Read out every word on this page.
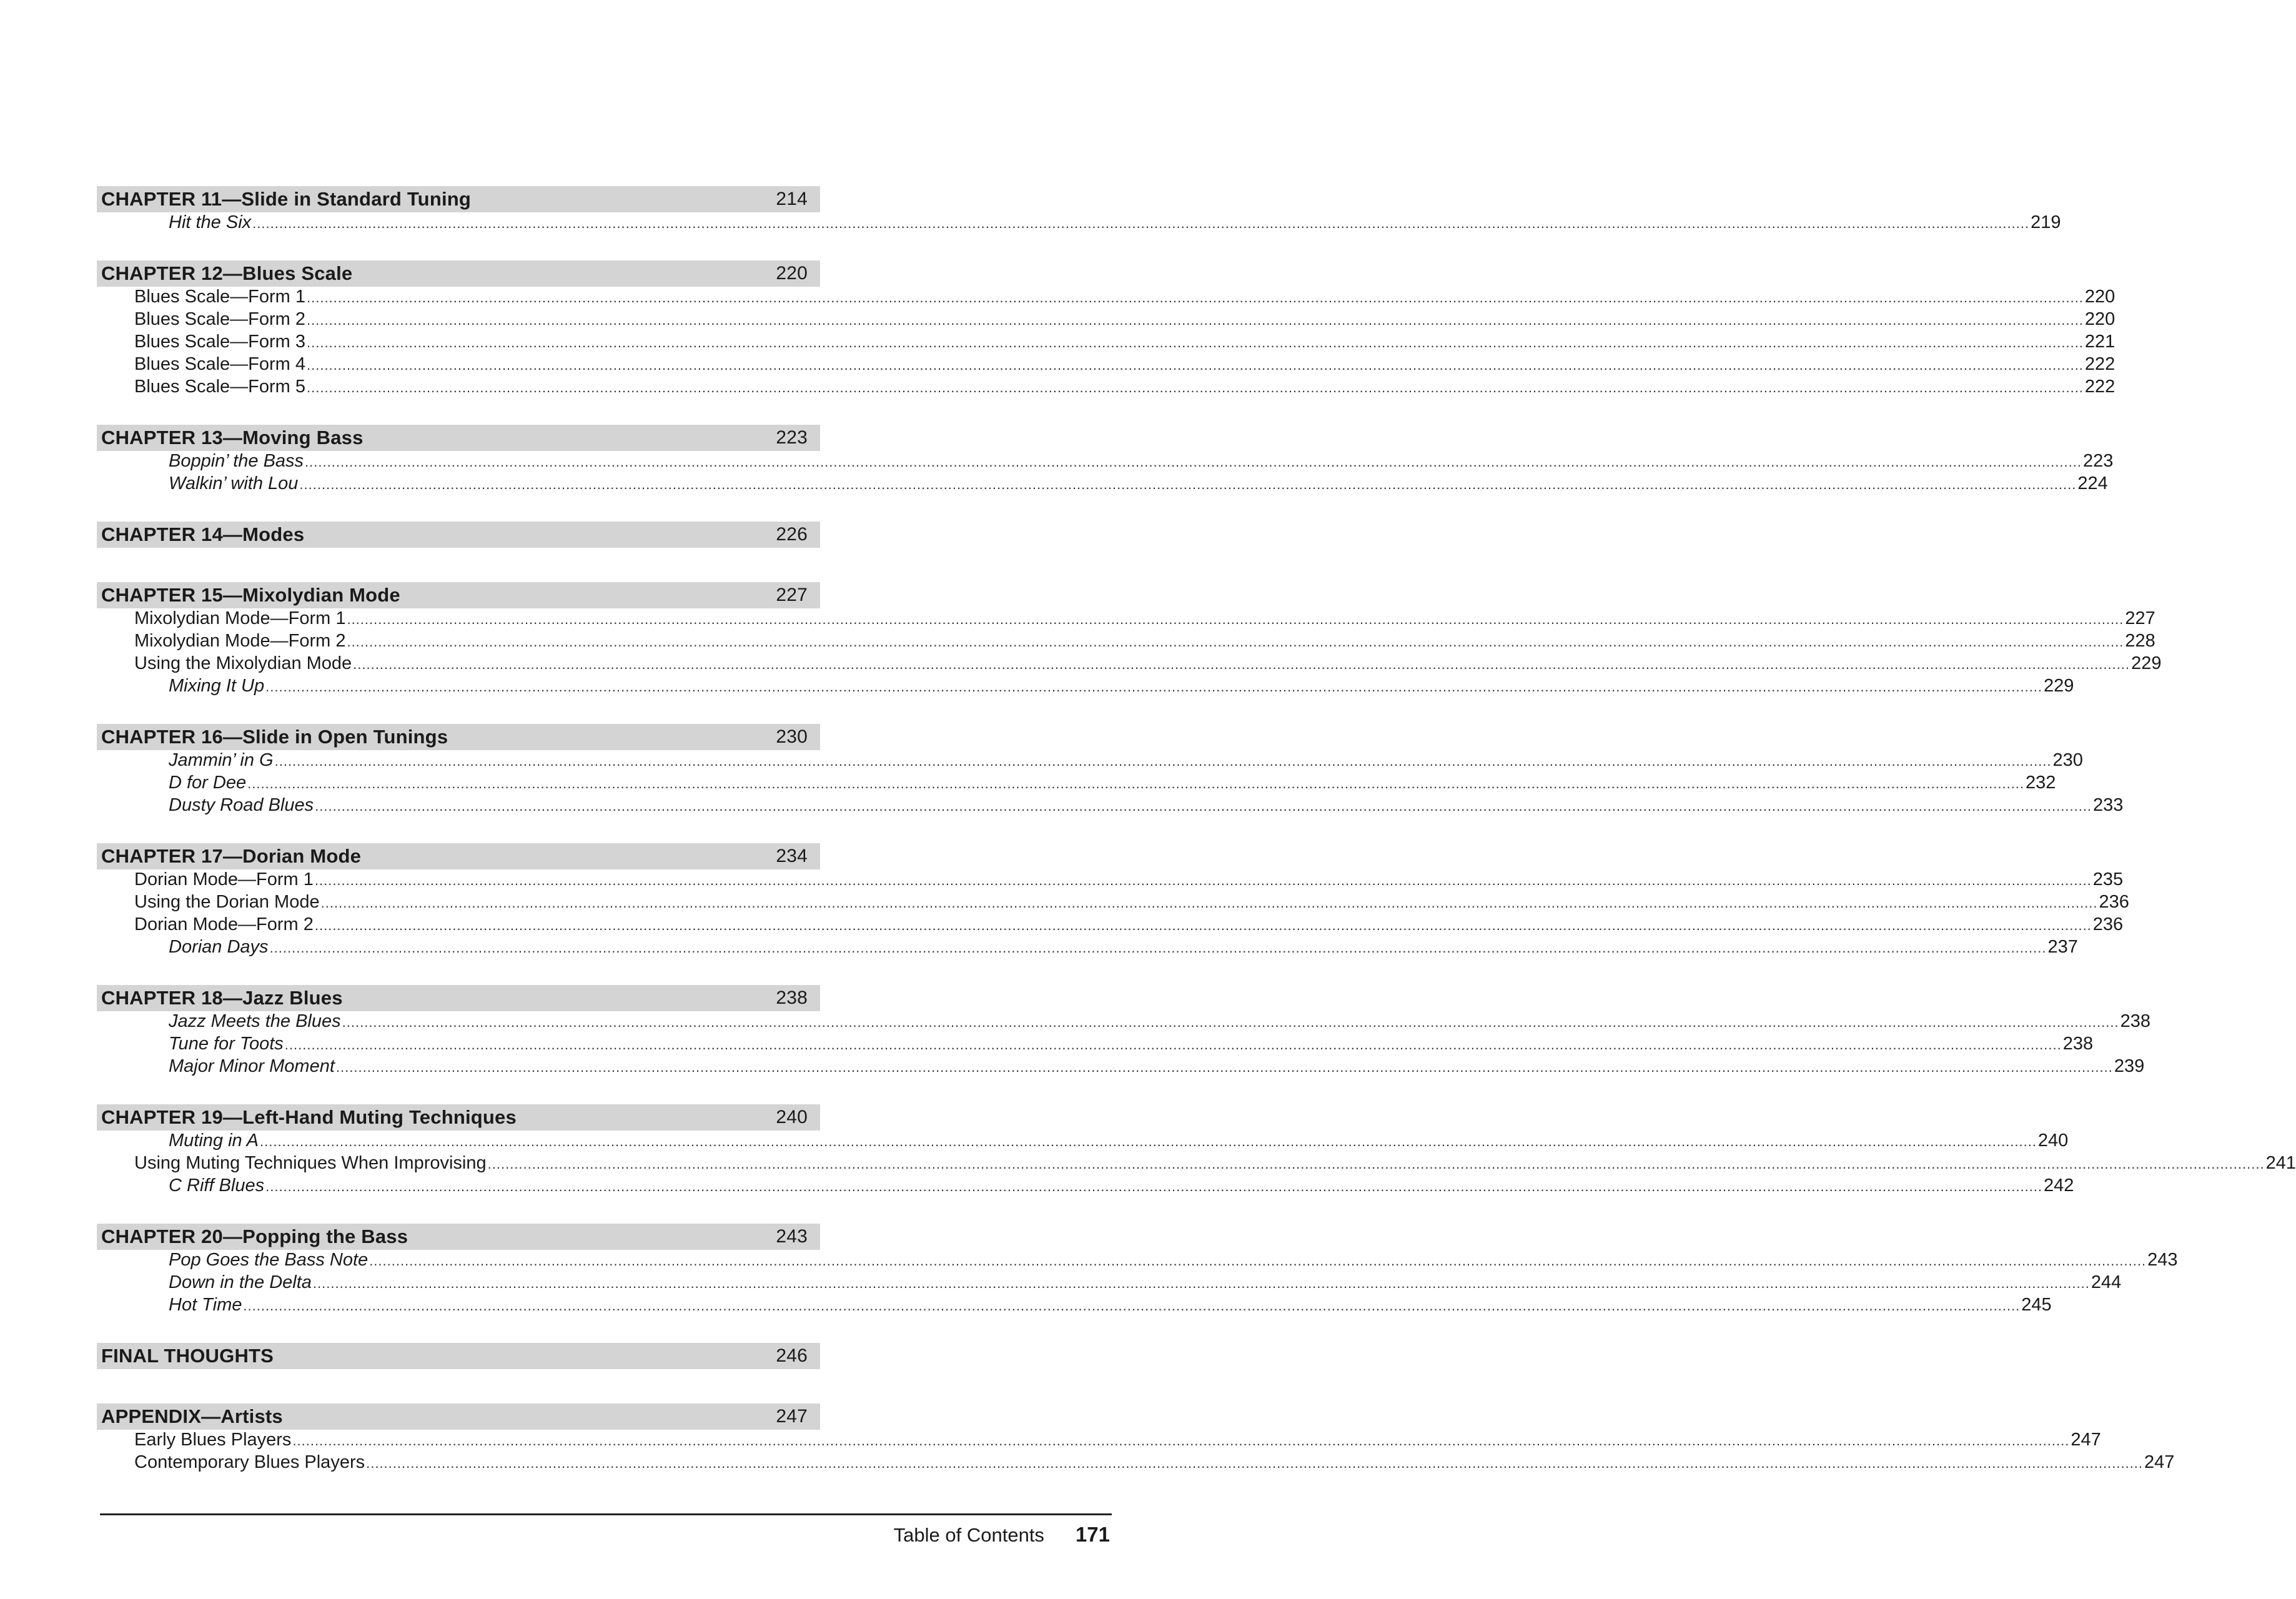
CHAPTER 11—Slide in Standard Tuning	214
Hit the Six ................................................................................................................................................................................................................................................................................................................................................................................................................ 219
CHAPTER 12—Blues Scale	220
Blues Scale—Form 1 ................................................................................................................................................................................................................................................................................................................................................................................................................ 220
Blues Scale—Form 2 ................................................................................................................................................................................................................................................................................................................................................................................................................ 220
Blues Scale—Form 3 ................................................................................................................................................................................................................................................................................................................................................................................................................ 221
Blues Scale—Form 4 ................................................................................................................................................................................................................................................................................................................................................................................................................ 222
Blues Scale—Form 5 ................................................................................................................................................................................................................................................................................................................................................................................................................ 222
CHAPTER 13—Moving Bass	223
Boppin’ the Bass ................................................................................................................................................................................................................................................................................................................................................................................................................ 223
Walkin’ with Lou ................................................................................................................................................................................................................................................................................................................................................................................................................ 224
CHAPTER 14—Modes	226
CHAPTER 15—Mixolydian Mode	227
Mixolydian Mode—Form 1 ................................................................................................................................................................................................................................................................................................................................................................................................................ 227
Mixolydian Mode—Form 2 ................................................................................................................................................................................................................................................................................................................................................................................................................ 228
Using the Mixolydian Mode ................................................................................................................................................................................................................................................................................................................................................................................................................ 229
Mixing It Up ................................................................................................................................................................................................................................................................................................................................................................................................................ 229
CHAPTER 16—Slide in Open Tunings	230
Jammin’ in G ................................................................................................................................................................................................................................................................................................................................................................................................................ 230
D for Dee ................................................................................................................................................................................................................................................................................................................................................................................................................ 232
Dusty Road Blues ................................................................................................................................................................................................................................................................................................................................................................................................................ 233
CHAPTER 17—Dorian Mode	234
Dorian Mode—Form 1 ................................................................................................................................................................................................................................................................................................................................................................................................................ 235
Using the Dorian Mode ................................................................................................................................................................................................................................................................................................................................................................................................................ 236
Dorian Mode—Form 2 ................................................................................................................................................................................................................................................................................................................................................................................................................ 236
Dorian Days ................................................................................................................................................................................................................................................................................................................................................................................................................ 237
CHAPTER 18—Jazz Blues	238
Jazz Meets the Blues ................................................................................................................................................................................................................................................................................................................................................................................................................ 238
Tune for Toots ................................................................................................................................................................................................................................................................................................................................................................................................................ 238
Major Minor Moment ................................................................................................................................................................................................................................................................................................................................................................................................................ 239
CHAPTER 19—Left-Hand Muting Techniques	240
Muting in A ................................................................................................................................................................................................................................................................................................................................................................................................................ 240
Using Muting Techniques When Improvising ................................................................................................................................................................................................................................................................................................................................................................................................................ 241
C Riff Blues ................................................................................................................................................................................................................................................................................................................................................................................................................ 242
CHAPTER 20—Popping the Bass	243
Pop Goes the Bass Note ................................................................................................................................................................................................................................................................................................................................................................................................................ 243
Down in the Delta ................................................................................................................................................................................................................................................................................................................................................................................................................ 244
Hot Time ................................................................................................................................................................................................................................................................................................................................................................................................................ 245
FINAL THOUGHTS	246
APPENDIX—Artists	247
Early Blues Players ................................................................................................................................................................................................................................................................................................................................................................................................................ 247
Contemporary Blues Players ................................................................................................................................................................................................................................................................................................................................................................................................................ 247
Table of Contents 171
